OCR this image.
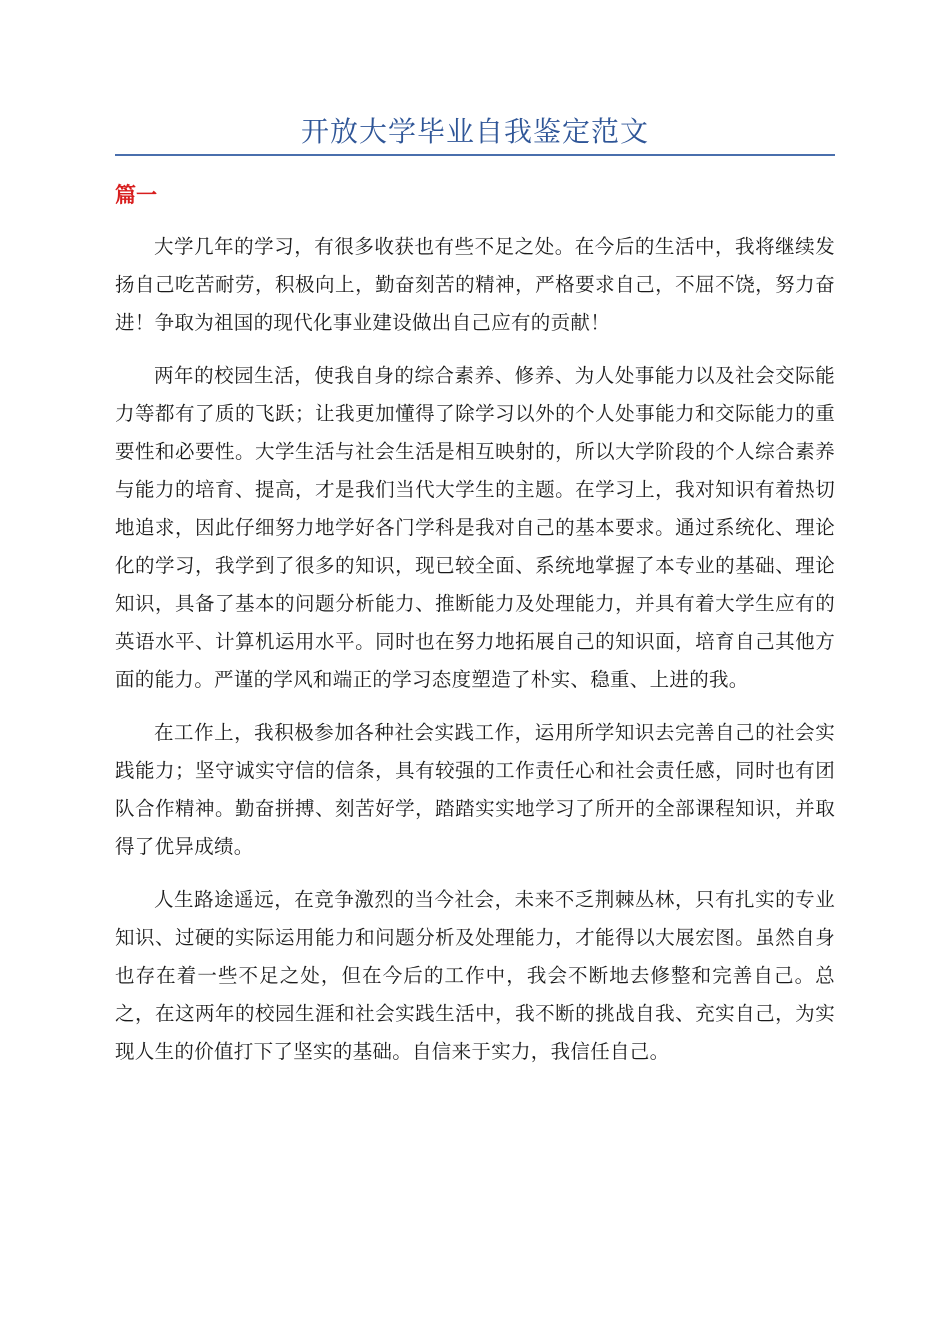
开放大学毕业自我鉴定范文
篇一

大学几年的学习，有很多收获也有些不足之处。在今后的生活中，我将继续发扬自己吃苦耐劳，积极向上，勤奋刻苦的精神，严格要求自己，不屈不饶，努力奋进！争取为祖国的现代化事业建设做出自己应有的贡献！

两年的校园生活，使我自身的综合素养、修养、为人处事能力以及社会交际能力等都有了质的飞跃；让我更加懂得了除学习以外的个人处事能力和交际能力的重要性和必要性。大学生活与社会生活是相互映射的，所以大学阶段的个人综合素养与能力的培育、提高，才是我们当代大学生的主题。在学习上，我对知识有着热切地追求，因此仔细努力地学好各门学科是我对自己的基本要求。通过系统化、理论化的学习，我学到了很多的知识，现已较全面、系统地掌握了本专业的基础、理论知识，具备了基本的问题分析能力、推断能力及处理能力，并具有着大学生应有的英语水平、计算机运用水平。同时也在努力地拓展自己的知识面，培育自己其他方面的能力。严谨的学风和端正的学习态度塑造了朴实、稳重、上进的我。

在工作上，我积极参加各种社会实践工作，运用所学知识去完善自己的社会实践能力；坚守诚实守信的信条，具有较强的工作责任心和社会责任感，同时也有团队合作精神。勤奋拼搏、刻苦好学，踏踏实实地学习了所开的全部课程知识，并取得了优异成绩。

人生路途遥远，在竞争激烈的当今社会，未来不乏荆棘丛林，只有扎实的专业知识、过硬的实际运用能力和问题分析及处理能力，才能得以大展宏图。虽然自身也存在着一些不足之处，但在今后的工作中，我会不断地去修整和完善自己。总之，在这两年的校园生涯和社会实践生活中，我不断的挑战自我、充实自己，为实现人生的价值打下了坚实的基础。自信来于实力，我信任自己。
